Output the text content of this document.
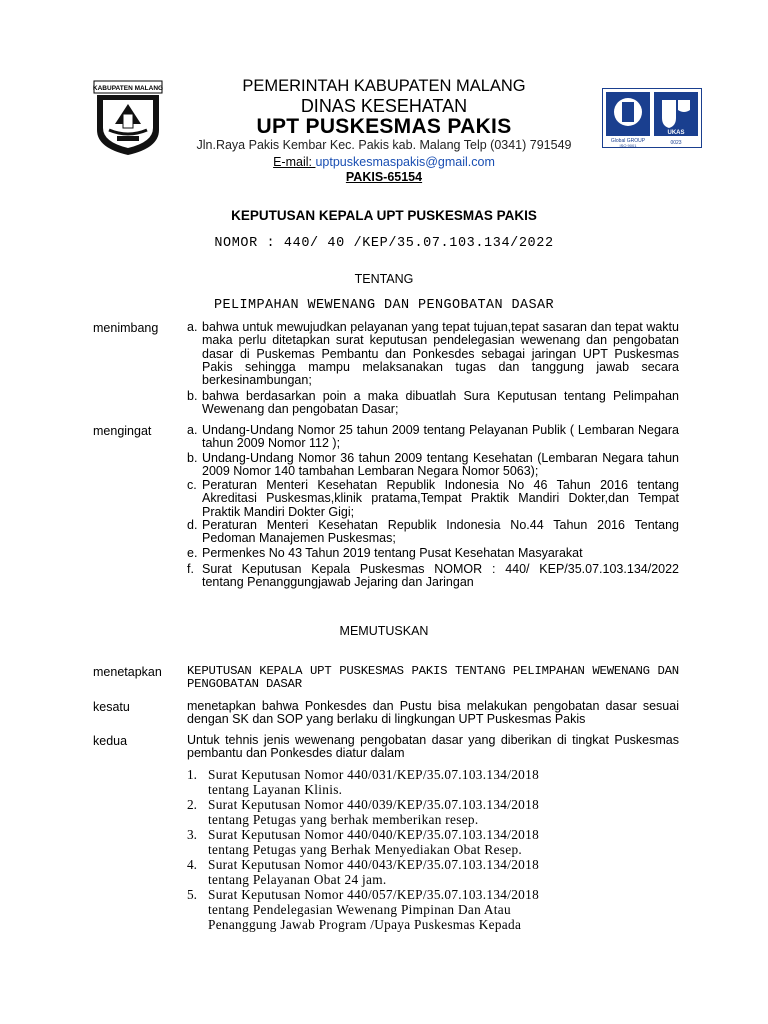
KABUPATEN MALANG	PEMERINTAH KABUPATEN MALANG
DINAS KESEHATAN
UPT PUSKESMAS PAKIS
Jln.Raya Pakis Kembar Kec. Pakis kab. Malang Telp (0341) 791549
E-mail: uptpuskesmaspakis@gmail.com
PAKIS-65154
UKAS
Global GROUP
ISO 9001	0023
KEPUTUSAN KEPALA UPT PUSKESMAS PAKIS
NOMOR : 440/ 40 /KEP/35.07.103.134/2022
TENTANG
PELIMPAHAN WEWENANG DAN PENGOBATAN DASAR
menimbang a. bahwa untuk mewujudkan pelayanan yang tepat tujuan,tepat sasaran dan tepat waktu maka perlu ditetapkan surat keputusan pendelegasian wewenang dan pengobatan dasar di Puskemas Pembantu dan Ponkesdes sebagai jaringan UPT Puskesmas Pakis sehingga mampu melaksanakan tugas dan tanggung jawab secara berkesinambungan;
b. bahwa berdasarkan poin a maka dibuatlah Sura Keputusan tentang Pelimpahan Wewenang dan pengobatan Dasar;
mengingat	a. Undang-Undang Nomor 25 tahun 2009 tentang Pelayanan Publik ( Lembaran Negara tahun 2009 Nomor 112 );
b. Undang-Undang Nomor 36 tahun 2009 tentang Kesehatan (Lembaran Negara tahun 2009 Nomor 140 tambahan Lembaran Negara Nomor 5063);
c. Peraturan Menteri Kesehatan Republik Indonesia No 46 Tahun 2016 tentang Akreditasi Puskesmas,klinik pratama,Tempat Praktik Mandiri Dokter,dan Tempat Praktik Mandiri Dokter Gigi;
d. Peraturan Menteri Kesehatan Republik Indonesia No.44 Tahun 2016 Tentang Pedoman Manajemen Puskesmas;
e. Permenkes No 43 Tahun 2019 tentang Pusat Kesehatan Masyarakat
f. Surat Keputusan Kepala Puskesmas NOMOR : 440/ KEP/35.07.103.134/2022 tentang Penanggungjawab Jejaring dan Jaringan
MEMUTUSKAN
menetapkan KEPUTUSAN KEPALA UPT PUSKESMAS PAKIS TENTANG PELIMPAHAN WEWENANG DAN PENGOBATAN DASAR
kesatu	menetapkan bahwa Ponkesdes dan Pustu bisa melakukan pengobatan dasar sesuai dengan SK dan SOP yang berlaku di lingkungan UPT Puskesmas Pakis
kedua	Untuk tehnis jenis wewenang pengobatan dasar yang diberikan di tingkat Puskesmas pembantu dan Ponkesdes diatur dalam
1. Surat Keputusan Nomor 440/031/KEP/35.07.103.134/2018
tentang Layanan Klinis.
2. Surat Keputusan Nomor 440/039/KEP/35.07.103.134/2018
tentang Petugas yang berhak memberikan resep.
3. Surat Keputusan Nomor 440/040/KEP/35.07.103.134/2018
tentang Petugas yang Berhak Menyediakan Obat Resep.
4. Surat Keputusan Nomor 440/043/KEP/35.07.103.134/2018
tentang Pelayanan Obat 24 jam.
5. Surat Keputusan Nomor 440/057/KEP/35.07.103.134/2018
tentang Pendelegasian Wewenang Pimpinan Dan Atau
Penanggung Jawab Program /Upaya Puskesmas Kepada
